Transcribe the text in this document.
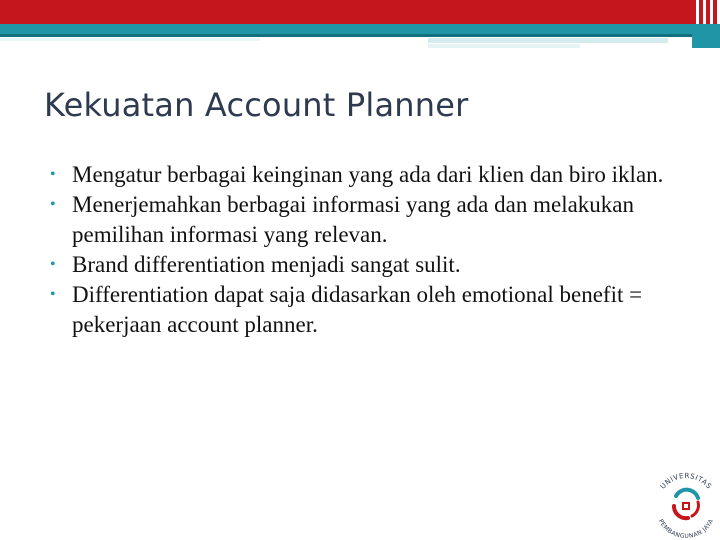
Kekuatan Account Planner
• Mengatur berbagai keinginan yang ada dari klien dan biro iklan.
• Menerjemahkan berbagai informasi yang ada dan melakukan pemilihan informasi yang relevan.
• Brand differentiation menjadi sangat sulit.
• Differentiation dapat saja didasarkan oleh emotional benefit = pekerjaan account planner.
UNIVERSITAS
PEMBANGUNAN JAYA
